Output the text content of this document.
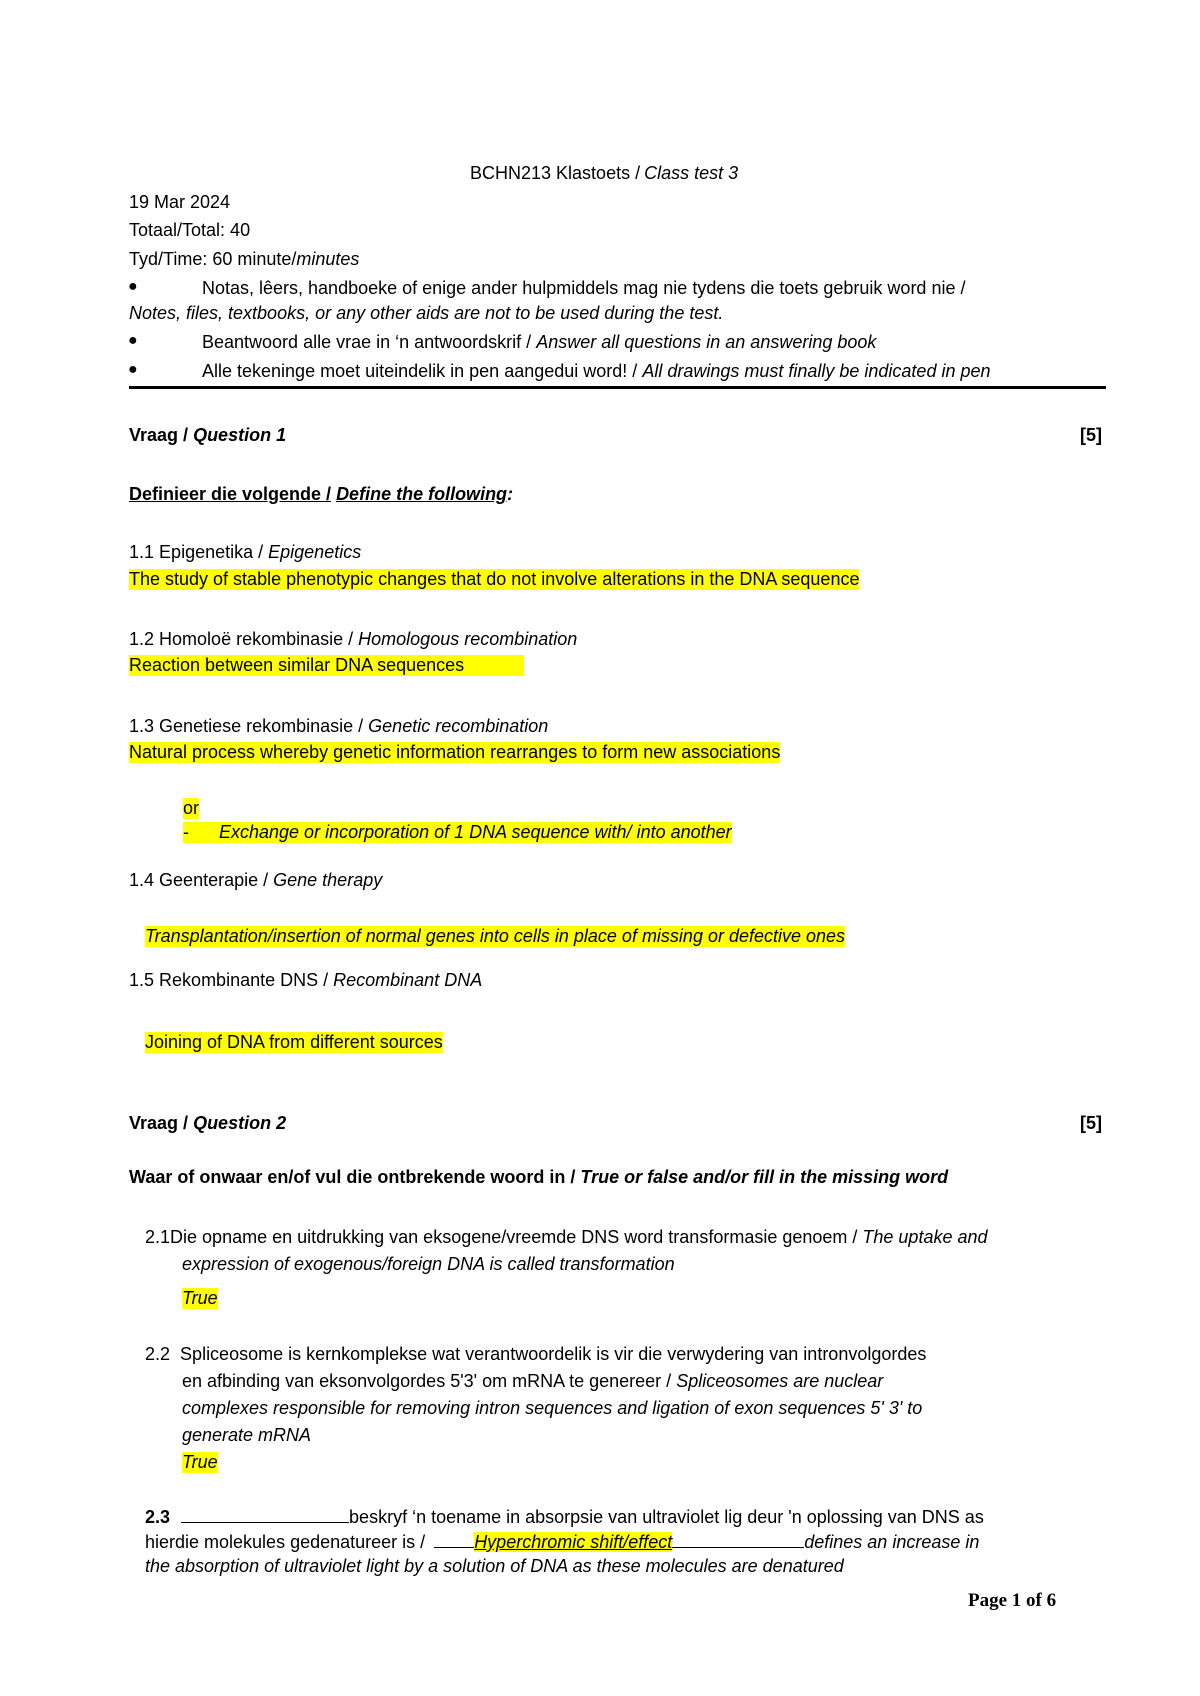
BCHN213 Klastoets / Class test 3
19 Mar 2024
Totaal/Total: 40
Tyd/Time: 60 minute/minutes
●	Notas, lêers, handboeke of enige ander hulpmiddels mag nie tydens die toets gebruik word nie /
Notes, files, textbooks, or any other aids are not to be used during the test.
●	Beantwoord alle vrae in ‘n antwoordskrif / Answer all questions in an answering book
●	Alle tekeninge moet uiteindelik in pen aangedui word! / All drawings must finally be indicated in pen
Vraag / Question 1	[5]
Definieer die volgende / Define the following:
1.1 Epigenetika / Epigenetics
The study of stable phenotypic changes that do not involve alterations in the DNA sequence
1.2 Homoloë rekombinasie / Homologous recombination
Reaction between similar DNA sequences
1.3 Genetiese rekombinasie / Genetic recombination
Natural process whereby genetic information rearranges to form new associations
or
- Exchange or incorporation of 1 DNA sequence with/ into another
1.4 Geenterapie / Gene therapy
Transplantation/insertion of normal genes into cells in place of missing or defective ones
1.5 Rekombinante DNS / Recombinant DNA
Joining of DNA from different sources
Vraag / Question 2	[5]
Waar of onwaar en/of vul die ontbrekende woord in / True or false and/or fill in the missing word
2.1Die opname en uitdrukking van eksogene/vreemde DNS word transformasie genoem / The uptake and
expression of exogenous/foreign DNA is called transformation
True
2.2 Spliceosome is kernkomplekse wat verantwoordelik is vir die verwydering van intronvolgordes
en afbinding van eksonvolgordes 5'3' om mRNA te genereer / Spliceosomes are nuclear
complexes responsible for removing intron sequences and ligation of exon sequences 5' 3' to
generate mRNA
True
2.3	beskryf ‘n toename in absorpsie van ultraviolet lig deur 'n oplossing van DNS as
hierdie molekules gedenatureer is /	Hyperchromic shift/effect	defines an increase in
the absorption of ultraviolet light by a solution of DNA as these molecules are denatured
Page 1 of 6
